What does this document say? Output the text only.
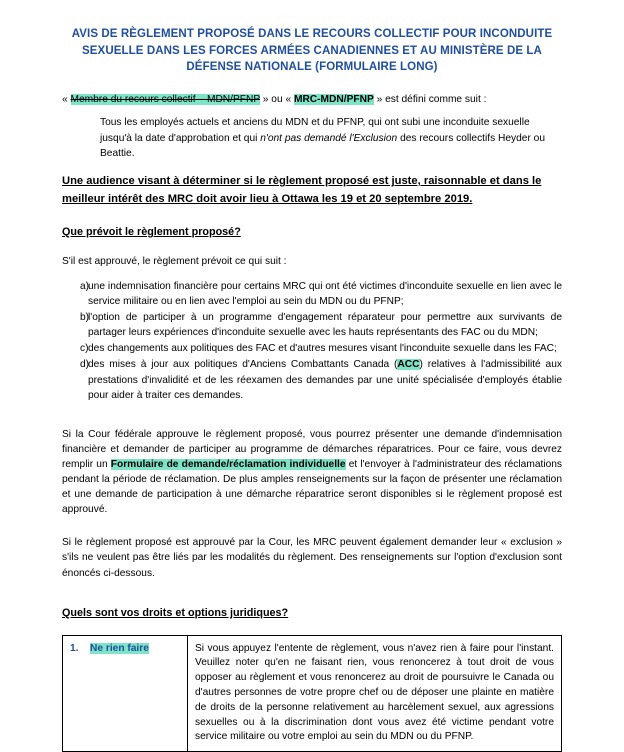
AVIS DE RÈGLEMENT PROPOSÉ DANS LE RECOURS COLLECTIF POUR INCONDUITE SEXUELLE DANS LES FORCES ARMÉES CANADIENNES ET AU MINISTÈRE DE LA DÉFENSE NATIONALE (FORMULAIRE LONG)
« Membre du recours collectif – MDN/PFNP » ou « MRC-MDN/PFNP » est défini comme suit :
Tous les employés actuels et anciens du MDN et du PFNP, qui ont subi une inconduite sexuelle jusqu'à la date d'approbation et qui n'ont pas demandé l'Exclusion des recours collectifs Heyder ou Beattie.
Une audience visant à déterminer si le règlement proposé est juste, raisonnable et dans le meilleur intérêt des MRC doit avoir lieu à Ottawa les 19 et 20 septembre 2019.
Que prévoit le règlement proposé?
S'il est approuvé, le règlement prévoit ce qui suit :
a)
une indemnisation financière pour certains MRC qui ont été victimes d'inconduite sexuelle en lien avec le service militaire ou en lien avec l'emploi au sein du MDN ou du PFNP;
b)
l'option de participer à un programme d'engagement réparateur pour permettre aux survivants de partager leurs expériences d'inconduite sexuelle avec les hauts représentants des FAC ou du MDN;
c) des changements aux politiques des FAC et d'autres mesures visant l'inconduite sexuelle dans les FAC;
d)
des mises à jour aux politiques d'Anciens Combattants Canada (ACC) relatives à l'admissibilité aux prestations d'invalidité et de les réexamen des demandes par une unité spécialisée d'employés établie pour aider à traiter ces demandes.
Si la Cour fédérale approuve le règlement proposé, vous pourrez présenter une demande d'indemnisation financière et demander de participer au programme de démarches réparatrices. Pour ce faire, vous devrez remplir un Formulaire de demande/réclamation individuelle et l'envoyer à l'administrateur des réclamations pendant la période de réclamation. De plus amples renseignements sur la façon de présenter une réclamation et une demande de participation à une démarche réparatrice seront disponibles si le règlement proposé est approuvé.
Si le règlement proposé est approuvé par la Cour, les MRC peuvent également demander leur « exclusion » s'ils ne veulent pas être liés par les modalités du règlement. Des renseignements sur l'option d'exclusion sont énoncés ci-dessous.
Quels sont vos droits et options juridiques?
1. Ne rien faire	Si vous appuyez l'entente de règlement, vous n'avez rien à faire pour l'instant. Veuillez noter qu'en ne faisant rien, vous renoncerez à tout droit de vous opposer au règlement et vous renoncerez au droit de poursuivre le Canada ou d'autres personnes de votre propre chef ou de déposer une plainte en matière de droits de la personne relativement au harcèlement sexuel, aux agressions sexuelles ou à la discrimination dont vous avez été victime pendant votre service militaire ou votre emploi au sein du MDN ou du PFNP.
